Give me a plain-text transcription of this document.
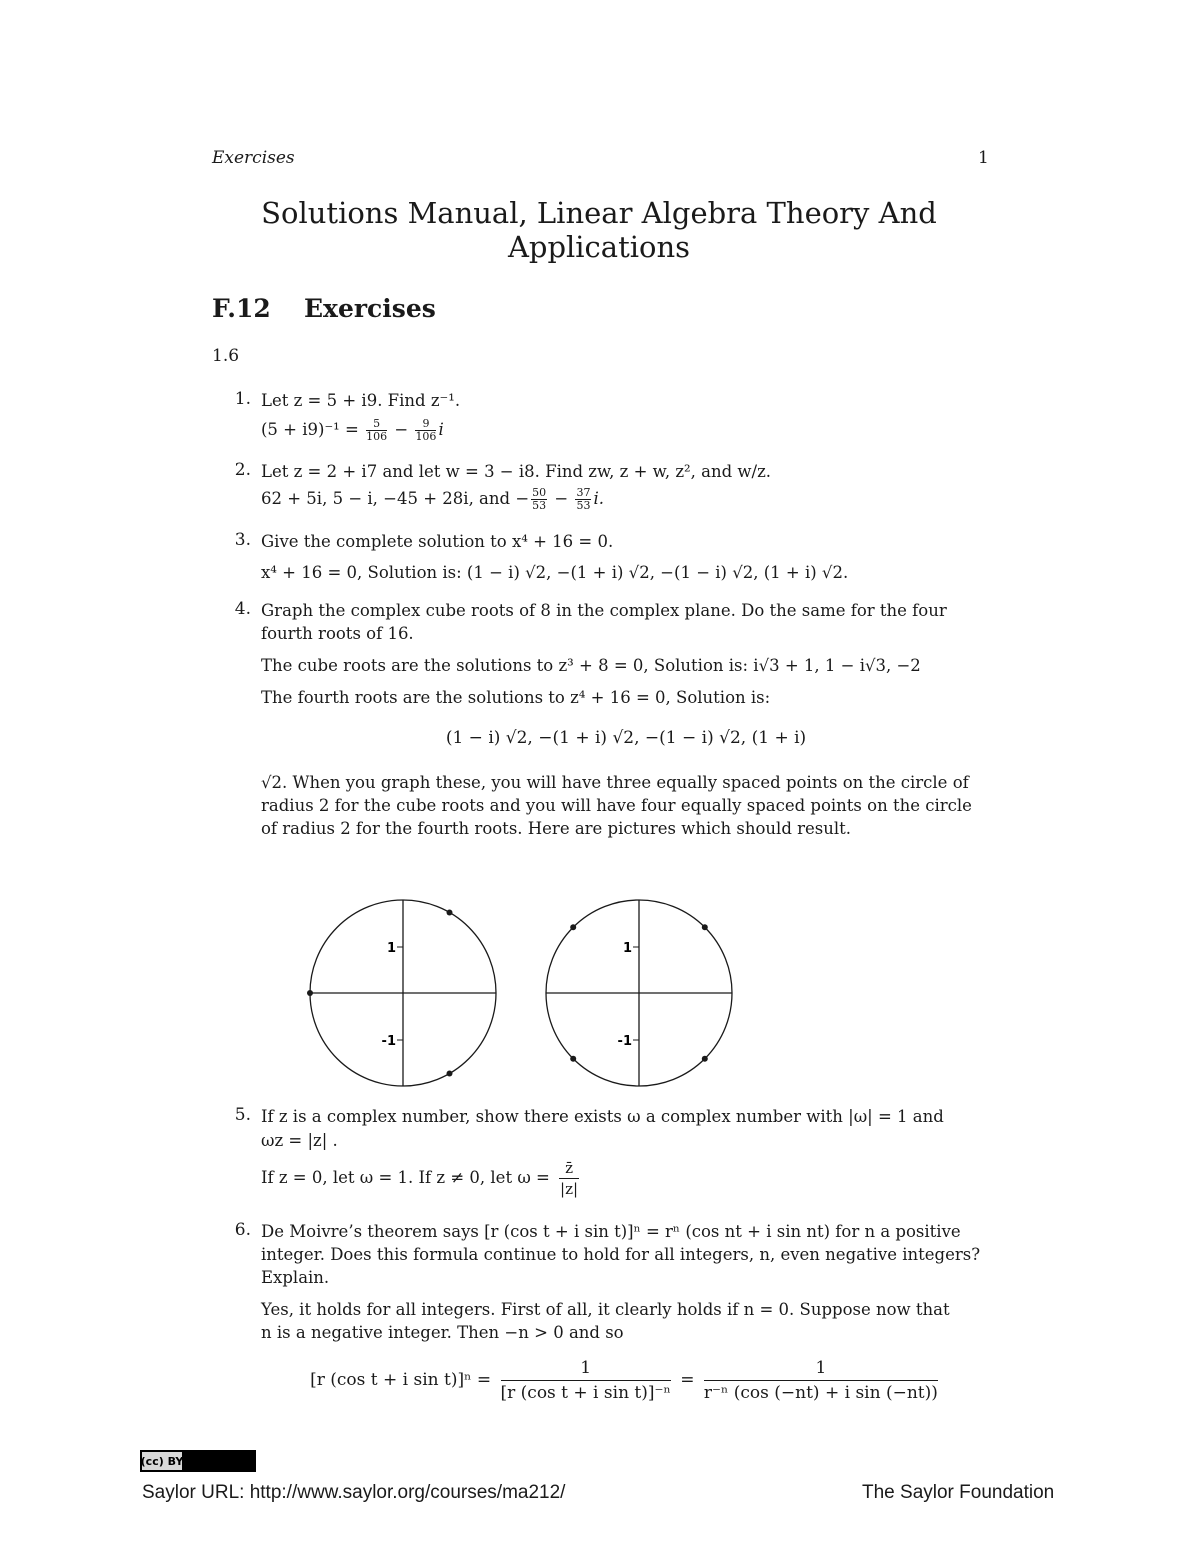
Exercises	1
Solutions Manual, Linear Algebra Theory And
Applications
F.12 Exercises
1.6
1. Let z = 5 + i9. Find z⁻¹.
$(5 + i9)^{-1} = \frac{5}{106} - \frac{9}{106}$ i
2. Let z = 2 + i7 and let w = 3 − i8. Find zw, z + w, z², and w/z.
62 + 5i, 5 − i, −45 + 28i, and − $\frac{50}{53} - \frac{37}{53} i$.
3. Give the complete solution to x⁴ + 16 = 0.
x⁴ + 16 = 0, Solution is: (1 − i) √2, −(1 + i) √2, −(1 − i) √2, (1 + i) √2.
4. Graph the complex cube roots of 8 in the complex plane. Do the same for the four
fourth roots of 16.
The cube roots are the solutions to z³ + 8 = 0, Solution is: i√3 + 1, 1 − i√3, −2
The fourth roots are the solutions to z⁴ + 16 = 0, Solution is:
(1 − i) √2, −(1 + i) √2, −(1 − i) √2, (1 + i)
√2. When you graph these, you will have three equally spaced points on the circle of
radius 2 for the cube roots and you will have four equally spaced points on the circle
of radius 2 for the fourth roots. Here are pictures which should result.
1
-1
1
-1
5. If z is a complex number, show there exists ω a complex number with |ω| = 1 and
ωz = |z| .
If z = 0, let ω = 1. If z ≠ 0, let $\omega = \frac{z̄}{|z|}$
6. De Moivre’s theorem says [r (cos t + i sin t)]ⁿ = rⁿ (cos nt + i sin nt) for n a positive
integer. Does this formula continue to hold for all integers, n, even negative integers?
Explain.
Yes, it holds for all integers. First of all, it clearly holds if n = 0. Suppose now that
n is a negative integer. Then −n > 0 and so
[r (cos t + i $\sin t)]^n = \frac{1}{\text{[r (cos t + i sin t)]⁻ⁿ}} = \frac{1}{\text{r⁻ⁿ (cos (−nt) + i sin (−nt))}}$
(cc) BY
Saylor URL: http://www.saylor.org/courses/ma212/	The Saylor Foundation
